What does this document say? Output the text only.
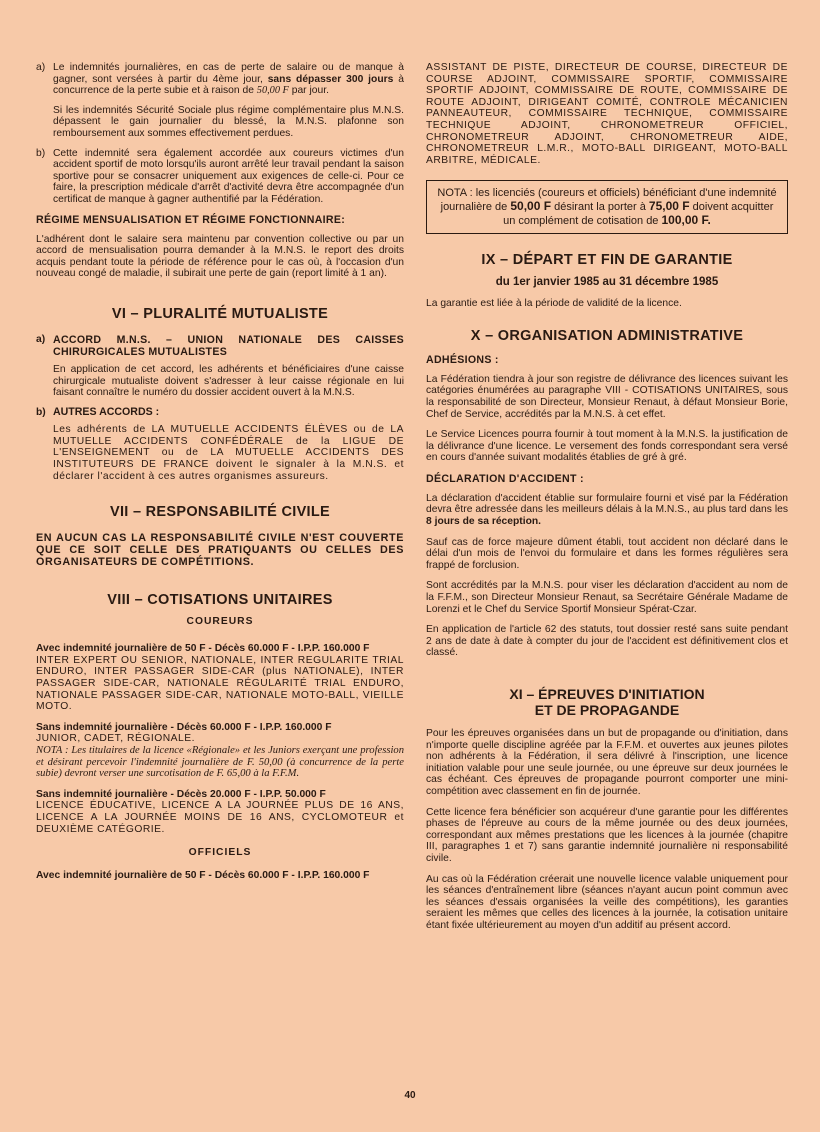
a) Le indemnités journalières, en cas de perte de salaire ou de manque à gagner, sont versées à partir du 4ème jour, sans dépasser 300 jours à concurrence de la perte subie et à raison de 50,00 F par jour.

Si les indemnités Sécurité Sociale plus régime complémentaire plus M.N.S. dépassent le gain journalier du blessé, la M.N.S. plafonne son remboursement aux sommes effectivement perdues.

b) Cette indemnité sera également accordée aux coureurs victimes d'un accident sportif de moto lorsqu'ils auront arrêté leur travail pendant la saison sportive pour se consacrer uniquement aux exigences de celle-ci. Pour ce faire, la prescription médicale d'arrêt d'activité devra être accompagnée d'un certificat de manque à gagner authentifié par la Fédération.

RÉGIME MENSUALISATION ET RÉGIME FONCTIONNAIRE:

L'adhérent dont le salaire sera maintenu par convention collective ou par un accord de mensualisation pourra demander à la M.N.S. le report des droits acquis pendant toute la période de référence pour le cas où, à l'occasion d'un nouveau congé de maladie, il subirait une perte de gain (report limité à 1 an).

VI – PLURALITÉ MUTUALISTE
a) ACCORD M.N.S. – UNION NATIONALE DES CAISSES CHIRURGICALES MUTUALISTES

En application de cet accord, les adhérents et bénéficiaires d'une caisse chirurgicale mutualiste doivent s'adresser à leur caisse régionale en lui faisant connaître le numéro du dossier accident ouvert à la M.N.S.

b) AUTRES ACCORDS :

Les adhérents de LA MUTUELLE ACCIDENTS ÉLÈVES ou de LA MUTUELLE ACCIDENTS CONFÉDÉRALE de la LIGUE DE L'ENSEIGNEMENT ou de LA MUTUELLE ACCIDENTS DES INSTITUTEURS DE FRANCE doivent le signaler à la M.N.S. et déclarer l'accident à ces autres organismes assureurs.

VII – RESPONSABILITÉ CIVILE
EN AUCUN CAS LA RESPONSABILITÉ CIVILE N'EST COUVERTE QUE CE SOIT CELLE DES PRATIQUANTS OU CELLES DES ORGANISATEURS DE COMPÉTITIONS.
VIII – COTISATIONS UNITAIRES
COUREURS

Avec indemnité journalière de 50 F - Décès 60.000 F - I.P.P. 160.000 F

INTER EXPERT OU SENIOR, NATIONALE, INTER REGULARITE TRIAL ENDURO, INTER PASSAGER SIDE-CAR (plus NATIONALE), INTER PASSAGER SIDE-CAR, NATIONALE RÉGULARITÉ TRIAL ENDURO, NATIONALE PASSAGER SIDE-CAR, NATIONALE MOTO-BALL, VIEILLE MOTO.

Sans indemnité journalière - Décès 60.000 F - I.P.P. 160.000 F

JUNIOR, CADET, RÉGIONALE.

NOTA : Les titulaires de la licence «Régionale» et les Juniors exerçant une profession et désirant percevoir l'indemnité journalière de F. 50,00 (à concurrence de la perte subie) devront verser une surcotisation de F. 65,00 à la F.F.M.

Sans indemnité journalière - Décès 20.000 F - I.P.P. 50.000 F

LICENCE ÉDUCATIVE, LICENCE A LA JOURNÉE PLUS DE 16 ANS, LICENCE A LA JOURNÉE MOINS DE 16 ANS, CYCLOMOTEUR et DEUXIÈME CATÉGORIE.

OFFICIELS

Avec indemnité journalière de 50 F - Décès 60.000 F - I.P.P. 160.000 F

ASSISTANT DE PISTE, DIRECTEUR DE COURSE, DIRECTEUR DE COURSE ADJOINT, COMMISSAIRE SPORTIF, COMMISSAIRE SPORTIF ADJOINT, COMMISSAIRE DE ROUTE, COMMISSAIRE DE ROUTE ADJOINT, DIRIGEANT COMITÉ, CONTROLE MÉCANICIEN PANNEAUTEUR, COMMISSAIRE TECHNIQUE, COMMISSAIRE TECHNIQUE ADJOINT, CHRONOMETREUR OFFICIEL, CHRONOMETREUR ADJOINT, CHRONOMETREUR AIDE, CHRONOMETREUR L.M.R., MOTO-BALL DIRIGEANT, MOTO-BALL ARBITRE, MÉDICALE.

NOTA : les licenciés (coureurs et officiels) bénéficiant d'une indemnité journalière de 50,00 F désirant la porter à 75,00 F doivent acquitter un complément de cotisation de 100,00 F.
IX – DÉPART ET FIN DE GARANTIE
du 1er janvier 1985 au 31 décembre 1985

La garantie est liée à la période de validité de la licence.

X – ORGANISATION ADMINISTRATIVE
ADHÉSIONS :

La Fédération tiendra à jour son registre de délivrance des licences suivant les catégories énumérées au paragraphe VIII - COTISATIONS UNITAIRES, sous la responsabilité de son Directeur, Monsieur Renaut, à défaut Monsieur Borie, Chef de Service, accrédités par la M.N.S. à cet effet.

Le Service Licences pourra fournir à tout moment à la M.N.S. la justification de la délivrance d'une licence. Le versement des fonds correspondant sera versé en cours d'année suivant modalités établies de gré à gré.

DÉCLARATION D'ACCIDENT :

La déclaration d'accident établie sur formulaire fourni et visé par la Fédération devra être adressée dans les meilleurs délais à la M.N.S., au plus tard dans les 8 jours de sa réception.

Sauf cas de force majeure dûment établi, tout accident non déclaré dans le délai d'un mois de l'envoi du formulaire et dans les formes régulières sera frappé de forclusion.

Sont accrédités par la M.N.S. pour viser les déclaration d'accident au nom de la F.F.M., son Directeur Monsieur Renaut, sa Secrétaire Générale Madame de Lorenzi et le Chef du Service Sportif Monsieur Spérat-Czar.

En application de l'article 62 des statuts, tout dossier resté sans suite pendant 2 ans de date à date à compter du jour de l'accident est définitivement clos et classé.

XI – ÉPREUVES D'INITIATION
ET DE PROPAGANDE

Pour les épreuves organisées dans un but de propagande ou d'initiation, dans n'importe quelle discipline agréée par la F.F.M. et ouvertes aux jeunes pilotes non adhérents à la Fédération, il sera délivré à l'inscription, une licence initiation valable pour une seule journée, ou une épreuve sur deux journées le cas échéant. Ces épreuves de propagande pourront comporter une mini-compétition avec classement en fin de journée.

Cette licence fera bénéficier son acquéreur d'une garantie pour les différentes phases de l'épreuve au cours de la même journée ou des deux journées, correspondant aux mêmes prestations que les licences à la journée (chapitre III, paragraphes 1 et 7) sans garantie indemnité journalière ni responsabilité civile.

Au cas où la Fédération créerait une nouvelle licence valable uniquement pour les séances d'entraînement libre (séances n'ayant aucun point commun avec les séances d'essais organisées la veille des compétitions), les garanties seraient les mêmes que celles des licences à la journée, la cotisation unitaire étant fixée ultérieurement au moyen d'un additif au présent accord.

40
